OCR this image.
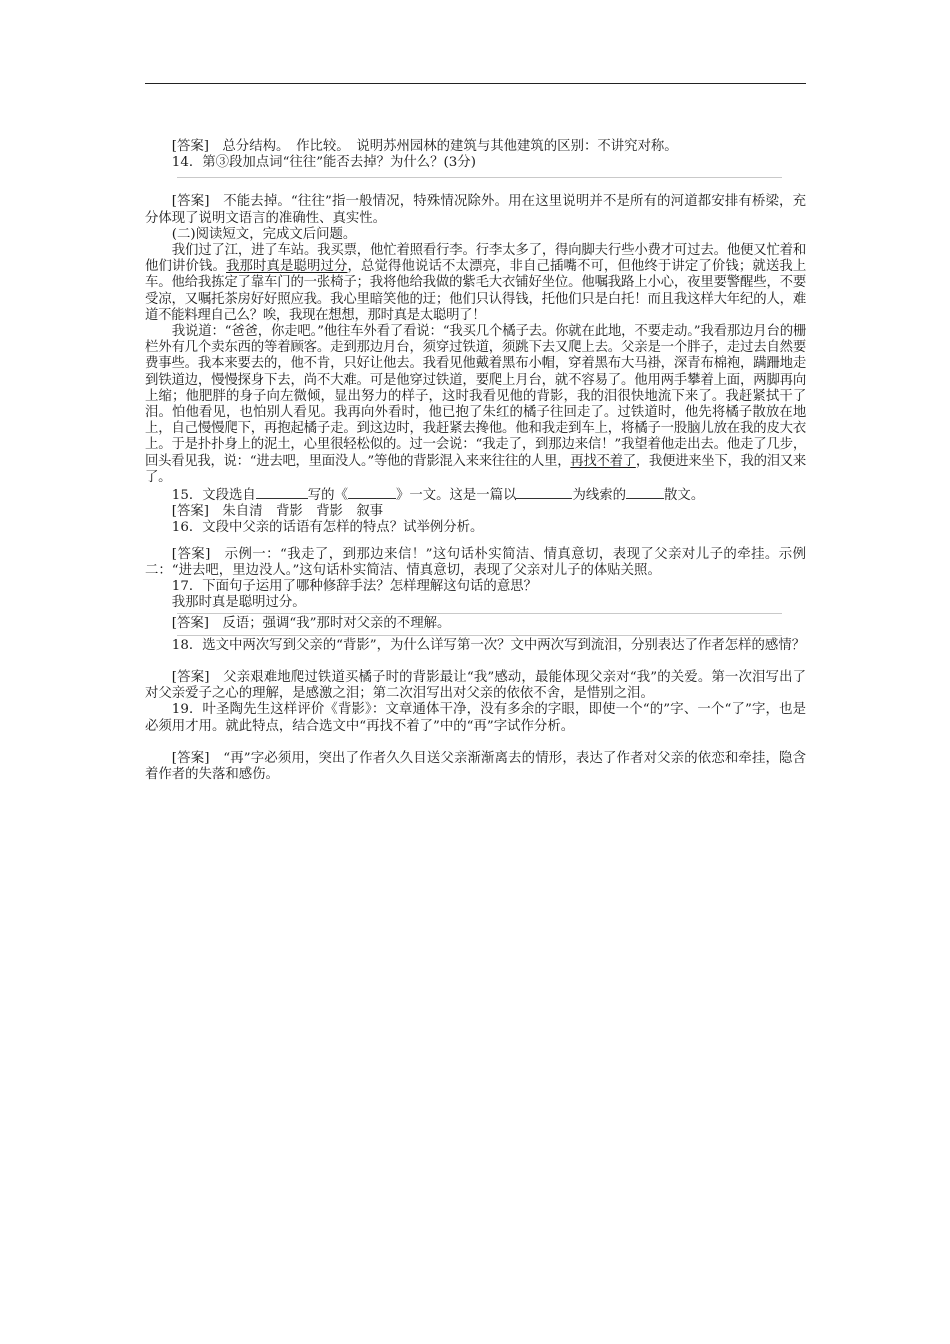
[答案]　 总分结构。　作比较。　说明苏州园林的建筑与其他建筑的区别：不讲究对称。

14．第③段加点词“往往”能否去掉？为什么？(3分)

[答案]　 不能去掉。“往往”指一般情况，特殊情况除外。用在这里说明并不是所有的河道都安排有桥梁，充分体现了说明文语言的准确性、真实性。

(二)阅读短文，完成文后问题。

我们过了江，进了车站。我买票，他忙着照看行李。行李太多了，得向脚夫行些小费才可过去。他便又忙着和他们讲价钱。我那时真是聪明过分，总觉得他说话不太漂亮，非自己插嘴不可，但他终于讲定了价钱；就送我上车。他给我拣定了靠车门的一张椅子；我将他给我做的紫毛大衣铺好坐位。他嘱我路上小心，夜里要警醒些，不要受凉，又嘱托茶房好好照应我。我心里暗笑他的迂；他们只认得钱，托他们只是白托！而且我这样大年纪的人，难道不能料理自己么？唉，我现在想想，那时真是太聪明了！

我说道：“爸爸，你走吧。”他往车外看了看说：“我买几个橘子去。你就在此地，不要走动。”我看那边月台的栅栏外有几个卖东西的等着顾客。走到那边月台，须穿过铁道，须跳下去又爬上去。父亲是一个胖子，走过去自然要费事些。我本来要去的，他不肯，只好让他去。我看见他戴着黑布小帽，穿着黑布大马褂，深青布棉袍，蹒跚地走到铁道边，慢慢探身下去，尚不大难。可是他穿过铁道，要爬上月台，就不容易了。他用两手攀着上面，两脚再向上缩；他肥胖的身子向左微倾，显出努力的样子，这时我看见他的背影，我的泪很快地流下来了。我赶紧拭干了泪。怕他看见，也怕别人看见。我再向外看时，他已抱了朱红的橘子往回走了。过铁道时，他先将橘子散放在地上，自己慢慢爬下，再抱起橘子走。到这边时，我赶紧去搀他。他和我走到车上，将橘子一股脑儿放在我的皮大衣上。于是扑扑身上的泥土，心里很轻松似的。过一会说：“我走了，到那边来信！”我望着他走出去。他走了几步，回头看见我，说：“进去吧，里面没人。”等他的背影混入来来往往的人里，再找不着了，我便进来坐下，我的泪又来了。

15．文段选自	写的《	》一文。这是一篇以	为线索的	散文。

[答案]　 朱自清　背影　背影　叙事

16．文段中父亲的话语有怎样的特点？试举例分析。

[答案]　 示例一：“我走了，到那边来信！”这句话朴实简洁、情真意切，表现了父亲对儿子的牵挂。示例二：“进去吧，里边没人。”这句话朴实简洁、情真意切，表现了父亲对儿子的体贴关照。

17．下面句子运用了哪种修辞手法？怎样理解这句话的意思？

我那时真是聪明过分。

[答案]　 反语；强调“我”那时对父亲的不理解。

18．选文中两次写到父亲的“背影”，为什么详写第一次？文中两次写到流泪，分别表达了作者怎样的感情？

[答案]　 父亲艰难地爬过铁道买橘子时的背影最让“我”感动，最能体现父亲对“我”的关爱。第一次泪写出了对父亲爱子之心的理解，是感激之泪；第二次泪写出对父亲的依依不舍，是惜别之泪。

19．叶圣陶先生这样评价《背影》：文章通体干净，没有多余的字眼，即使一个“的”字、一个“了”字，也是必须用才用。就此特点，结合选文中“再找不着了”中的“再”字试作分析。

[答案]　 “再”字必须用，突出了作者久久目送父亲渐渐离去的情形，表达了作者对父亲的依恋和牵挂，隐含着作者的失落和感伤。
